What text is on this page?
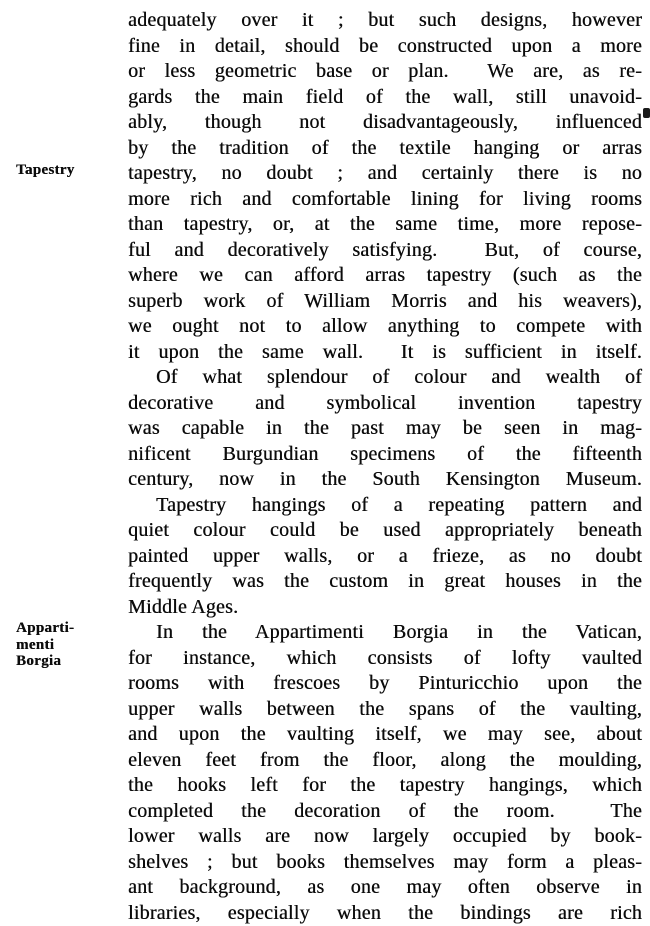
Tapestry
Apparti-
menti
Borgia
adequately over it ; but such designs, however
fine in detail, should be constructed upon a more
or less geometric base or plan.  We are, as re-
gards the main field of the wall, still unavoid-
ably, though not disadvantageously, influenced
by the tradition of the textile hanging or arras
tapestry, no doubt ; and certainly there is no
more rich and comfortable lining for living rooms
than tapestry, or, at the same time, more repose-
ful and decoratively satisfying.  But, of course,
where we can afford arras tapestry (such as the
superb work of William Morris and his weavers),
we ought not to allow anything to compete with
it upon the same wall.  It is sufficient in itself.
Of what splendour of colour and wealth of
decorative and symbolical invention tapestry
was capable in the past may be seen in mag-
nificent Burgundian specimens of the fifteenth
century, now in the South Kensington Museum.
Tapestry hangings of a repeating pattern and
quiet colour could be used appropriately beneath
painted upper walls, or a frieze, as no doubt
frequently was the custom in great houses in the
Middle Ages.
In the Appartimenti Borgia in the Vatican,
for instance, which consists of lofty vaulted
rooms with frescoes by Pinturicchio upon the
upper walls between the spans of the vaulting,
and upon the vaulting itself, we may see, about
eleven feet from the floor, along the moulding,
the hooks left for the tapestry hangings, which
completed the decoration of the room.  The
lower walls are now largely occupied by book-
shelves ; but books themselves may form a pleas-
ant background, as one may often observe in
libraries, especially when the bindings are rich
